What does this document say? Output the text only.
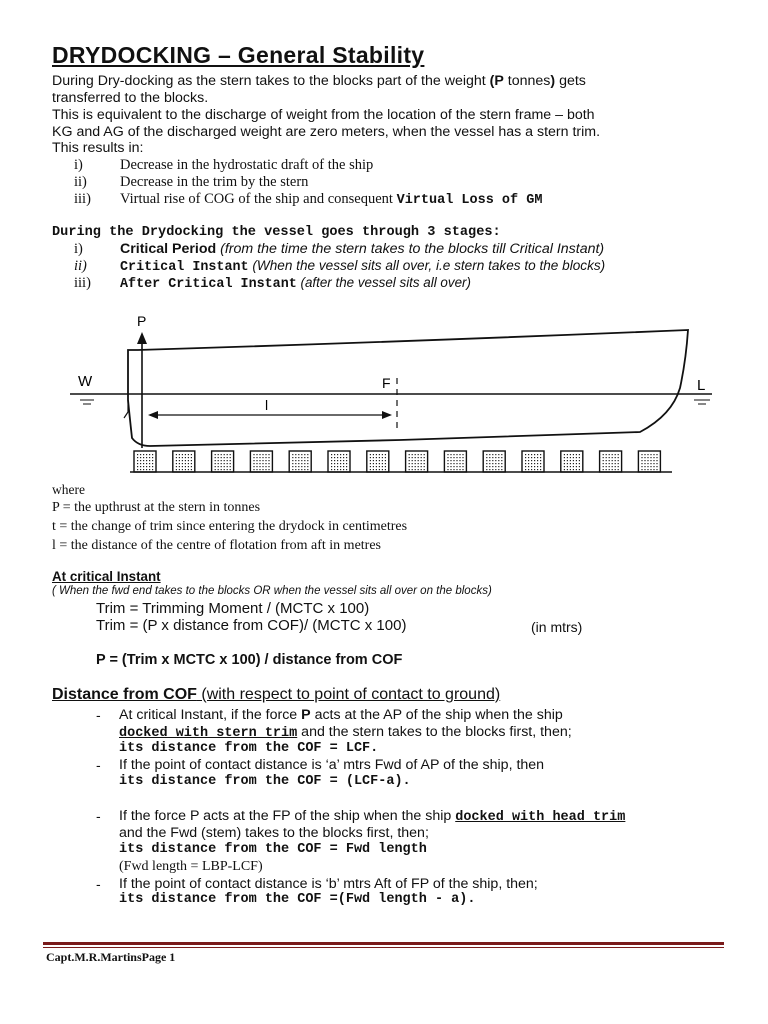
DRYDOCKING – General Stability
During Dry-docking as the stern takes to the blocks part of the weight (P tonnes) gets
transferred to the blocks.
This is equivalent to the discharge of weight from the location of the stern frame – both
KG and AG of the discharged weight are zero meters, when the vessel has a stern trim.
This results in:
i)	Decrease in the hydrostatic draft of the ship
ii) Decrease in the trim by the stern
iii) Virtual rise of COG of the ship and consequent Virtual Loss of GM
During the Drydocking the vessel goes through 3 stages:
i)	Critical Period (from the time the stern takes to the blocks till Critical Instant)
ii) Critical Instant (When the vessel sits all over, i.e stern takes to the blocks)
iii) After Critical Instant (after the vessel sits all over)
P
W	L
F
l
where
P = the upthrust at the stern in tonnes
t = the change of trim since entering the drydock in centimetres
l = the distance of the centre of flotation from aft in metres
At critical Instant
( When the fwd end takes to the blocks OR when the vessel sits all over on the blocks)
Trim = Trimming Moment / (MCTC x 100)
Trim = (P x distance from COF)/ (MCTC x 100)	(in mtrs)
P = (Trim x MCTC x 100) / distance from COF
Distance from COF (with respect to point of contact to ground)
- At critical Instant, if the force P acts at the AP of the ship when the ship
docked with stern trim and the stern takes to the blocks first, then;
its distance from the COF = LCF.
- If the point of contact distance is ‘a’ mtrs Fwd of AP of the ship, then
its distance from the COF = (LCF-a).
- If the force P acts at the FP of the ship when the ship docked with head trim
and the Fwd (stem) takes to the blocks first, then;
its distance from the COF = Fwd length
(Fwd length = LBP-LCF)
- If the point of contact distance is ‘b’ mtrs Aft of FP of the ship, then;
its distance from the COF =(Fwd length - a).
Capt.M.R.MartinsPage 1
